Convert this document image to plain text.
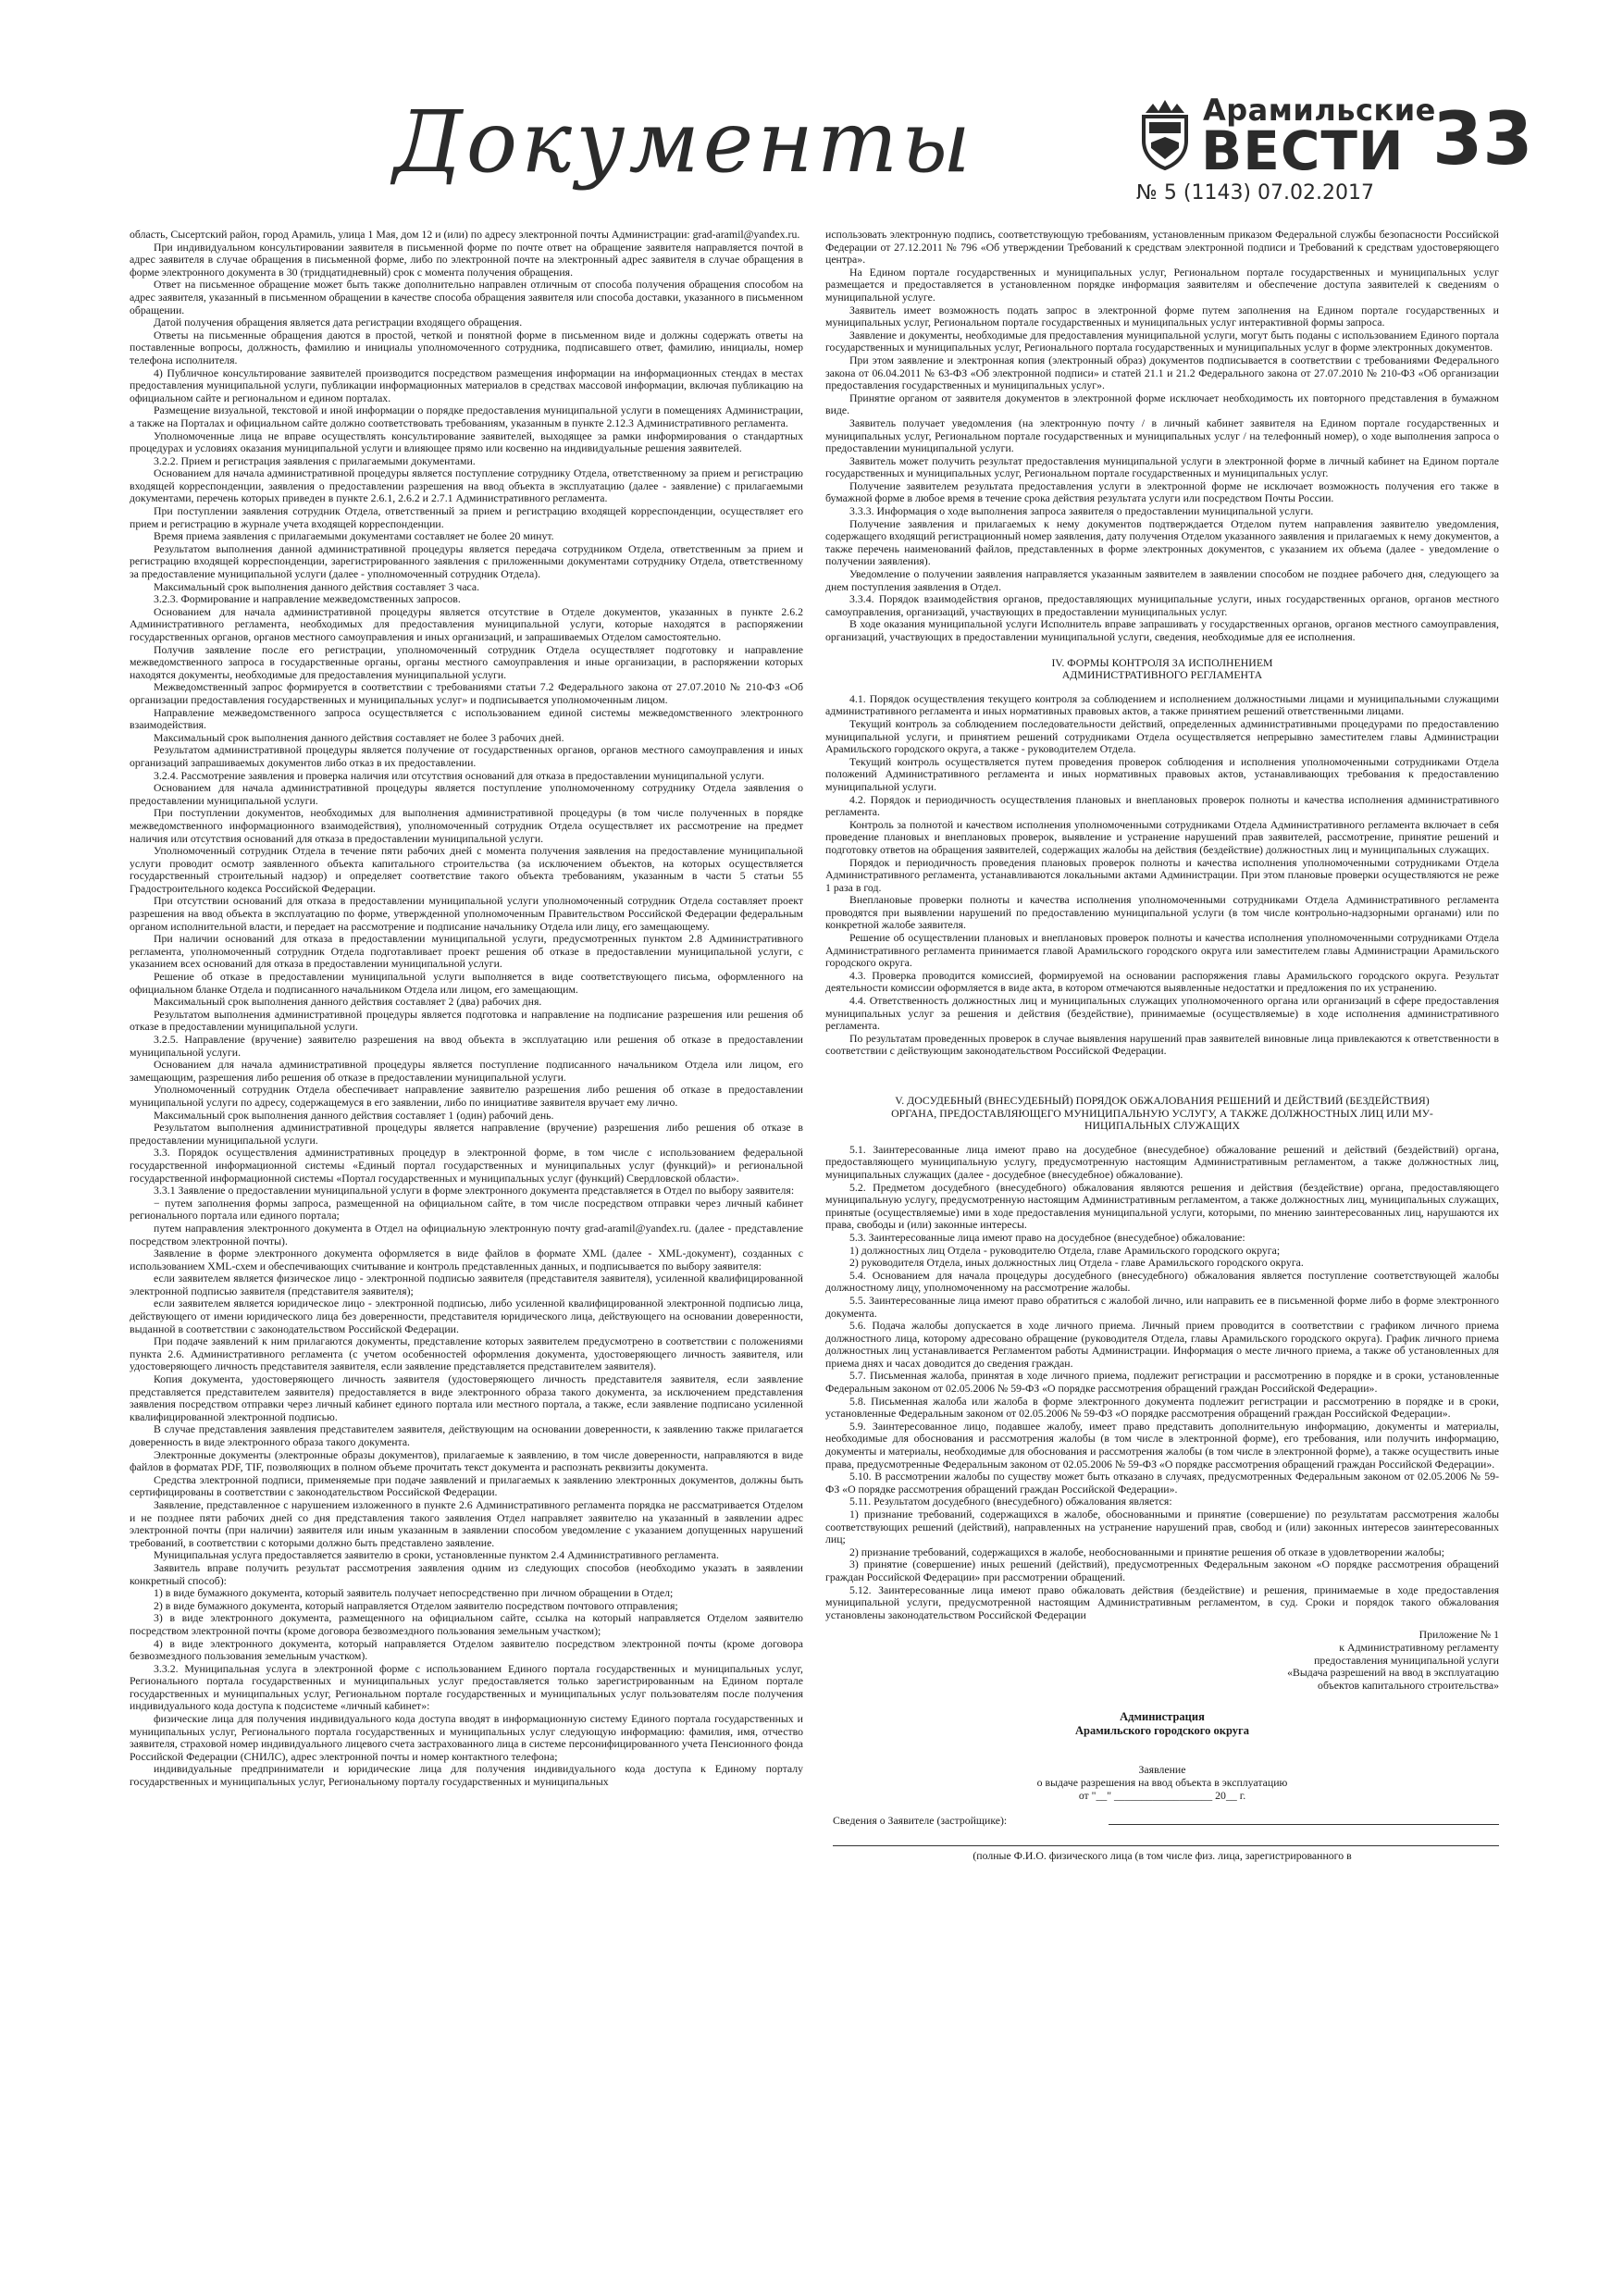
Документы	Арамильские
ВЕСТИ
№ 5 (1143) 07.02.2017
33

область, Сысертский район, город Арамиль, улица 1 Мая, дом 12 и (или) по адресу электронной почты Администрации: grad-aramil@yandex.ru.

При индивидуальном консультировании заявителя в письменной форме по почте ответ на обращение заявителя направляется почтой в адрес заявителя в случае обращения в письменной форме, либо по электронной почте на электронный адрес заявителя в случае обращения в форме электронного документа в 30 (тридцатидневный) срок с момента получения обращения.

Ответ на письменное обращение может быть также дополнительно направлен отличным от способа получения обращения способом на адрес заявителя, указанный в письменном обращении в качестве способа обращения заявителя или способа доставки, указанного в письменном обращении.

Датой получения обращения является дата регистрации входящего обращения.

Ответы на письменные обращения даются в простой, четкой и понятной форме в письменном виде и должны содержать ответы на поставленные вопросы, должность, фамилию и инициалы уполномоченного сотрудника, подписавшего ответ, фамилию, инициалы, номер телефона исполнителя.

4) Публичное консультирование заявителей производится посредством размещения информации на информационных стендах в местах предоставления муниципальной услуги, публикации информационных материалов в средствах массовой информации, включая публикацию на официальном сайте и региональном и едином порталах.

Размещение визуальной, текстовой и иной информации о порядке предоставления муниципальной услуги в помещениях Администрации, а также на Порталах и официальном сайте должно соответствовать требованиям, указанным в пункте 2.12.3 Административного регламента.

Уполномоченные лица не вправе осуществлять консультирование заявителей, выходящее за рамки информирования о стандартных процедурах и условиях оказания муниципальной услуги и влияющее прямо или косвенно на индивидуальные решения заявителей.

3.2.2. Прием и регистрация заявления с прилагаемыми документами.

Основанием для начала административной процедуры является поступление сотруднику Отдела, ответственному за прием и регистрацию входящей корреспонденции, заявления о предоставлении разрешения на ввод объекта в эксплуатацию (далее - заявление) с прилагаемыми документами, перечень которых приведен в пункте 2.6.1, 2.6.2 и 2.7.1 Административного регламента.

При поступлении заявления сотрудник Отдела, ответственный за прием и регистрацию входящей корреспонденции, осуществляет его прием и регистрацию в журнале учета входящей корреспонденции.

Время приема заявления с прилагаемыми документами составляет не более 20 минут.

Результатом выполнения данной административной процедуры является передача сотрудником Отдела, ответственным за прием и регистрацию входящей корреспонденции, зарегистрированного заявления с приложенными документами сотруднику Отдела, ответственному за предоставление муниципальной услуги (далее - уполномоченный сотрудник Отдела).

Максимальный срок выполнения данного действия составляет 3 часа.

3.2.3. Формирование и направление межведомственных запросов.

Основанием для начала административной процедуры является отсутствие в Отделе документов, указанных в пункте 2.6.2 Административного регламента, необходимых для предоставления муниципальной услуги, которые находятся в распоряжении государственных органов, органов местного самоуправления и иных организаций, и запрашиваемых Отделом самостоятельно.

Получив заявление после его регистрации, уполномоченный сотрудник Отдела осуществляет подготовку и направление межведомственного запроса в государственные органы, органы местного самоуправления и иные организации, в распоряжении которых находятся документы, необходимые для предоставления муниципальной услуги.

Межведомственный запрос формируется в соответствии с требованиями статьи 7.2 Федерального закона от 27.07.2010 № 210-ФЗ «Об организации предоставления государственных и муниципальных услуг» и подписывается уполномоченным лицом.

Направление межведомственного запроса осуществляется с использованием единой системы межведомственного электронного взаимодействия.

Максимальный срок выполнения данного действия составляет не более 3 рабочих дней.

Результатом административной процедуры является получение от государственных органов, органов местного самоуправления и иных организаций запрашиваемых документов либо отказ в их предоставлении.

3.2.4. Рассмотрение заявления и проверка наличия или отсутствия оснований для отказа в предоставлении муниципальной услуги.

Основанием для начала административной процедуры является поступление уполномоченному сотруднику Отдела заявления о предоставлении муниципальной услуги.

При поступлении документов, необходимых для выполнения административной процедуры (в том числе полученных в порядке межведомственного информационного взаимодействия), уполномоченный сотрудник Отдела осуществляет их рассмотрение на предмет наличия или отсутствия оснований для отказа в предоставлении муниципальной услуги.

Уполномоченный сотрудник Отдела в течение пяти рабочих дней с момента получения заявления на предоставление муниципальной услуги проводит осмотр заявленного объекта капитального строительства (за исключением объектов, на которых осуществляется государственный строительный надзор) и определяет соответствие такого объекта требованиям, указанным в части 5 статьи 55 Градостроительного кодекса Российской Федерации.

При отсутствии оснований для отказа в предоставлении муниципальной услуги уполномоченный сотрудник Отдела составляет проект разрешения на ввод объекта в эксплуатацию по форме, утвержденной уполномоченным Правительством Российской Федерации федеральным органом исполнительной власти, и передает на рассмотрение и подписание начальнику Отдела или лицу, его замещающему.

При наличии оснований для отказа в предоставлении муниципальной услуги, предусмотренных пунктом 2.8 Административного регламента, уполномоченный сотрудник Отдела подготавливает проект решения об отказе в предоставлении муниципальной услуги, с указанием всех оснований для отказа в предоставлении муниципальной услуги.

Решение об отказе в предоставлении муниципальной услуги выполняется в виде соответствующего письма, оформленного на официальном бланке Отдела и подписанного начальником Отдела или лицом, его замещающим.

Максимальный срок выполнения данного действия составляет 2 (два) рабочих дня.

Результатом выполнения административной процедуры является подготовка и направление на подписание разрешения или решения об отказе в предоставлении муниципальной услуги.

3.2.5. Направление (вручение) заявителю разрешения на ввод объекта в эксплуатацию или решения об отказе в предоставлении муниципальной услуги.

Основанием для начала административной процедуры является поступление подписанного начальником Отдела или лицом, его замещающим, разрешения либо решения об отказе в предоставлении муниципальной услуги.

Уполномоченный сотрудник Отдела обеспечивает направление заявителю разрешения либо решения об отказе в предоставлении муниципальной услуги по адресу, содержащемуся в его заявлении, либо по инициативе заявителя вручает ему лично.

Максимальный срок выполнения данного действия составляет 1 (один) рабочий день.

Результатом выполнения административной процедуры является направление (вручение) разрешения либо решения об отказе в предоставлении муниципальной услуги.

3.3. Порядок осуществления административных процедур в электронной форме, в том числе с использованием федеральной государственной информационной системы «Единый портал государственных и муниципальных услуг (функций)» и региональной государственной информационной системы «Портал государственных и муниципальных услуг (функций) Свердловской области».

3.3.1 Заявление о предоставлении муниципальной услуги в форме электронного документа представляется в Отдел по выбору заявителя:

− путем заполнения формы запроса, размещенной на официальном сайте, в том числе посредством отправки через личный кабинет регионального портала или единого портала;

путем направления электронного документа в Отдел на официальную электронную почту grad-aramil@yandex.ru. (далее - представление посредством электронной почты).

Заявление в форме электронного документа оформляется в виде файлов в формате XML (далее - XML-документ), созданных с использованием XML-схем и обеспечивающих считывание и контроль представленных данных, и подписывается по выбору заявителя:

если заявителем является физическое лицо - электронной подписью заявителя (представителя заявителя), усиленной квалифицированной электронной подписью заявителя (представителя заявителя);

если заявителем является юридическое лицо - электронной подписью, либо усиленной квалифицированной электронной подписью лица, действующего от имени юридического лица без доверенности, представителя юридического лица, действующего на основании доверенности, выданной в соответствии с законодательством Российской Федерации.

При подаче заявлений к ним прилагаются документы, представление которых заявителем предусмотрено в соответствии с положениями пункта 2.6. Административного регламента (с учетом особенностей оформления документа, удостоверяющего личность заявителя, или удостоверяющего личность представителя заявителя, если заявление представляется представителем заявителя).

Копия документа, удостоверяющего личность заявителя (удостоверяющего личность представителя заявителя, если заявление представляется представителем заявителя) предоставляется в виде электронного образа такого документа, за исключением представления заявления посредством отправки через личный кабинет единого портала или местного портала, а также, если заявление подписано усиленной квалифицированной электронной подписью.

В случае представления заявления представителем заявителя, действующим на основании доверенности, к заявлению также прилагается доверенность в виде электронного образа такого документа.

Электронные документы (электронные образы документов), прилагаемые к заявлению, в том числе доверенности, направляются в виде файлов в форматах PDF, TIF, позволяющих в полном объеме прочитать текст документа и распознать реквизиты документа.

Средства электронной подписи, применяемые при подаче заявлений и прилагаемых к заявлению электронных документов, должны быть сертифицированы в соответствии с законодательством Российской Федерации.

Заявление, представленное с нарушением изложенного в пункте 2.6 Административного регламента порядка не рассматривается Отделом и не позднее пяти рабочих дней со дня представления такого заявления Отдел направляет заявителю на указанный в заявлении адрес электронной почты (при наличии) заявителя или иным указанным в заявлении способом уведомление с указанием допущенных нарушений требований, в соответствии с которыми должно быть представлено заявление.

Муниципальная услуга предоставляется заявителю в сроки, установленные пунктом 2.4 Административного регламента.

Заявитель вправе получить результат рассмотрения заявления одним из следующих способов (необходимо указать в заявлении конкретный способ):

1) в виде бумажного документа, который заявитель получает непосредственно при личном обращении в Отдел;

2) в виде бумажного документа, который направляется Отделом заявителю посредством почтового отправления;

3) в виде электронного документа, размещенного на официальном сайте, ссылка на который направляется Отделом заявителю посредством электронной почты (кроме договора безвозмездного пользования земельным участком);

4) в виде электронного документа, который направляется Отделом заявителю посредством электронной почты (кроме договора безвозмездного пользования земельным участком).

3.3.2. Муниципальная услуга в электронной форме с использованием Единого портала государственных и муниципальных услуг, Регионального портала государственных и муниципальных услуг предоставляется только зарегистрированным на Едином портале государственных и муниципальных услуг, Региональном портале государственных и муниципальных услуг пользователям после получения индивидуального кода доступа к подсистеме «личный кабинет»:

физические лица для получения индивидуального кода доступа вводят в информационную систему Единого портала государственных и муниципальных услуг, Регионального портала государственных и муниципальных услуг следующую информацию: фамилия, имя, отчество заявителя, страховой номер индивидуального лицевого счета застрахованного лица в системе персонифицированного учета Пенсионного фонда Российской Федерации (СНИЛС), адрес электронной почты и номер контактного телефона;

индивидуальные предприниматели и юридические лица для получения индивидуального кода доступа к Единому порталу государственных и муниципальных услуг, Региональному порталу государственных и муниципальных

использовать электронную подпись, соответствующую требованиям, установленным приказом Федеральной службы безопасности Российской Федерации от 27.12.2011 № 796 «Об утверждении Требований к средствам электронной подписи и Требований к средствам удостоверяющего центра».

На Едином портале государственных и муниципальных услуг, Региональном портале государственных и муниципальных услуг размещается и предоставляется в установленном порядке информация заявителям и обеспечение доступа заявителей к сведениям о муниципальной услуге.

Заявитель имеет возможность подать запрос в электронной форме путем заполнения на Едином портале государственных и муниципальных услуг, Региональном портале государственных и муниципальных услуг интерактивной формы запроса.

Заявление и документы, необходимые для предоставления муниципальной услуги, могут быть поданы с использованием Единого портала государственных и муниципальных услуг, Регионального портала государственных и муниципальных услуг в форме электронных документов.

При этом заявление и электронная копия (электронный образ) документов подписывается в соответствии с требованиями Федерального закона от 06.04.2011 № 63-ФЗ «Об электронной подписи» и статей 21.1 и 21.2 Федерального закона от 27.07.2010 № 210-ФЗ «Об организации предоставления государственных и муниципальных услуг».

Принятие органом от заявителя документов в электронной форме исключает необходимость их повторного представления в бумажном виде.

Заявитель получает уведомления (на электронную почту / в личный кабинет заявителя на Едином портале государственных и муниципальных услуг, Региональном портале государственных и муниципальных услуг / на телефонный номер), о ходе выполнения запроса о предоставлении муниципальной услуги.

Заявитель может получить результат предоставления муниципальной услуги в электронной форме в личный кабинет на Едином портале государственных и муниципальных услуг, Региональном портале государственных и муниципальных услуг.

Получение заявителем результата предоставления услуги в электронной форме не исключает возможность получения его также в бумажной форме в любое время в течение срока действия результата услуги или посредством Почты России.

3.3.3. Информация о ходе выполнения запроса заявителя о предоставлении муниципальной услуги.

Получение заявления и прилагаемых к нему документов подтверждается Отделом путем направления заявителю уведомления, содержащего входящий регистрационный номер заявления, дату получения Отделом указанного заявления и прилагаемых к нему документов, а также перечень наименований файлов, представленных в форме электронных документов, с указанием их объема (далее - уведомление о получении заявления).

Уведомление о получении заявления направляется указанным заявителем в заявлении способом не позднее рабочего дня, следующего за днем поступления заявления в Отдел.

3.3.4. Порядок взаимодействия органов, предоставляющих муниципальные услуги, иных государственных органов, органов местного самоуправления, организаций, участвующих в предоставлении муниципальных услуг.

В ходе оказания муниципальной услуги Исполнитель вправе запрашивать у государственных органов, органов местного самоуправления, организаций, участвующих в предоставлении муниципальной услуги, сведения, необходимые для ее исполнения.

IV. ФОРМЫ КОНТРОЛЯ ЗА ИСПОЛНЕНИЕМ
АДМИНИСТРАТИВНОГО РЕГЛАМЕНТА

4.1. Порядок осуществления текущего контроля за соблюдением и исполнением должностными лицами и муниципальными служащими административного регламента и иных нормативных правовых актов, а также принятием решений ответственными лицами.

Текущий контроль за соблюдением последовательности действий, определенных административными процедурами по предоставлению муниципальной услуги, и принятием решений сотрудниками Отдела осуществляется непрерывно заместителем главы Администрации Арамильского городского округа, а также - руководителем Отдела.

Текущий контроль осуществляется путем проведения проверок соблюдения и исполнения уполномоченными сотрудниками Отдела положений Административного регламента и иных нормативных правовых актов, устанавливающих требования к предоставлению муниципальной услуги.

4.2. Порядок и периодичность осуществления плановых и внеплановых проверок полноты и качества исполнения административного регламента.

Контроль за полнотой и качеством исполнения уполномоченными сотрудниками Отдела Административного регламента включает в себя проведение плановых и внеплановых проверок, выявление и устранение нарушений прав заявителей, рассмотрение, принятие решений и подготовку ответов на обращения заявителей, содержащих жалобы на действия (бездействие) должностных лиц и муниципальных служащих.

Порядок и периодичность проведения плановых проверок полноты и качества исполнения уполномоченными сотрудниками Отдела Административного регламента, устанавливаются локальными актами Администрации. При этом плановые проверки осуществляются не реже 1 раза в год.

Внеплановые проверки полноты и качества исполнения уполномоченными сотрудниками Отдела Административного регламента проводятся при выявлении нарушений по предоставлению муниципальной услуги (в том числе контрольно-надзорными органами) или по конкретной жалобе заявителя.

Решение об осуществлении плановых и внеплановых проверок полноты и качества исполнения уполномоченными сотрудниками Отдела Административного регламента принимается главой Арамильского городского округа или заместителем главы Администрации Арамильского городского округа.

4.3. Проверка проводится комиссией, формируемой на основании распоряжения главы Арамильского городского округа. Результат деятельности комиссии оформляется в виде акта, в котором отмечаются выявленные недостатки и предложения по их устранению.

4.4. Ответственность должностных лиц и муниципальных служащих уполномоченного органа или организаций в сфере предоставления муниципальных услуг за решения и действия (бездействие), принимаемые (осуществляемые) в ходе исполнения административного регламента.

По результатам проведенных проверок в случае выявления нарушений прав заявителей виновные лица привлекаются к ответственности в соответствии с действующим законодательством Российской Федерации.

V. ДОСУДЕБНЫЙ (ВНЕСУДЕБНЫЙ) ПОРЯДОК ОБЖАЛОВАНИЯ РЕШЕНИЙ И ДЕЙСТВИЙ (БЕЗДЕЙСТВИЯ)
ОРГАНА, ПРЕДОСТАВЛЯЮЩЕГО МУНИЦИПАЛЬНУЮ УСЛУГУ, А ТАКЖЕ ДОЛЖНОСТНЫХ ЛИЦ ИЛИ МУ-
НИЦИПАЛЬНЫХ СЛУЖАЩИХ

5.1. Заинтересованные лица имеют право на досудебное (внесудебное) обжалование решений и действий (бездействий) органа, предоставляющего муниципальную услугу, предусмотренную настоящим Административным регламентом, а также должностных лиц, муниципальных служащих (далее - досудебное (внесудебное) обжалование).

5.2. Предметом досудебного (внесудебного) обжалования являются решения и действия (бездействие) органа, предоставляющего муниципальную услугу, предусмотренную настоящим Административным регламентом, а также должностных лиц, муниципальных служащих, принятые (осуществляемые) ими в ходе предоставления муниципальной услуги, которыми, по мнению заинтересованных лиц, нарушаются их права, свободы и (или) законные интересы.

5.3. Заинтересованные лица имеют право на досудебное (внесудебное) обжалование:

1) должностных лиц Отдела - руководителю Отдела, главе Арамильского городского округа;

2) руководителя Отдела, иных должностных лиц Отдела - главе Арамильского городского округа.

5.4. Основанием для начала процедуры досудебного (внесудебного) обжалования является поступление соответствующей жалобы должностному лицу, уполномоченному на рассмотрение жалобы.

5.5. Заинтересованные лица имеют право обратиться с жалобой лично, или направить ее в письменной форме либо в форме электронного документа.

5.6. Подача жалобы допускается в ходе личного приема. Личный прием проводится в соответствии с графиком личного приема должностного лица, которому адресовано обращение (руководителя Отдела, главы Арамильского городского округа). График личного приема должностных лиц устанавливается Регламентом работы Администрации. Информация о месте личного приема, а также об установленных для приема днях и часах доводится до сведения граждан.

5.7. Письменная жалоба, принятая в ходе личного приема, подлежит регистрации и рассмотрению в порядке и в сроки, установленные Федеральным законом от 02.05.2006 № 59-ФЗ «О порядке рассмотрения обращений граждан Российской Федерации».

5.8. Письменная жалоба или жалоба в форме электронного документа подлежит регистрации и рассмотрению в порядке и в сроки, установленные Федеральным законом от 02.05.2006 № 59-ФЗ «О порядке рассмотрения обращений граждан Российской Федерации».

5.9. Заинтересованное лицо, подавшее жалобу, имеет право представить дополнительную информацию, документы и материалы, необходимые для обоснования и рассмотрения жалобы (в том числе в электронной форме), его требования, или получить информацию, документы и материалы, необходимые для обоснования и рассмотрения жалобы (в том числе в электронной форме), а также осуществить иные права, предусмотренные Федеральным законом от 02.05.2006 № 59-ФЗ «О порядке рассмотрения обращений граждан Российской Федерации».

5.10. В рассмотрении жалобы по существу может быть отказано в случаях, предусмотренных Федеральным законом от 02.05.2006 № 59-ФЗ «О порядке рассмотрения обращений граждан Российской Федерации».

5.11. Результатом досудебного (внесудебного) обжалования является:

1) признание требований, содержащихся в жалобе, обоснованными и принятие (совершение) по результатам рассмотрения жалобы соответствующих решений (действий), направленных на устранение нарушений прав, свобод и (или) законных интересов заинтересованных лиц;

2) признание требований, содержащихся в жалобе, необоснованными и принятие решения об отказе в удовлетворении жалобы;

3) принятие (совершение) иных решений (действий), предусмотренных Федеральным законом «О порядке рассмотрения обращений граждан Российской Федерации» при рассмотрении обращений.

5.12. Заинтересованные лица имеют право обжаловать действия (бездействие) и решения, принимаемые в ходе предоставления муниципальной услуги, предусмотренной настоящим Административным регламентом, в суд. Сроки и порядок такого обжалования установлены законодательством Российской Федерации

Приложение № 1
к Административному регламенту
предоставления муниципальной услуги
«Выдача разрешений на ввод в эксплуатацию
объектов капитального строительства»
Администрация
Арамильского городского округа
Заявление
о выдаче разрешения на ввод объекта в эксплуатацию
от "__" __________________ 20__ г.
Сведения о Заявителе (застройщике):
(полные Ф.И.О. физического лица (в том числе физ. лица, зарегистрированного в
